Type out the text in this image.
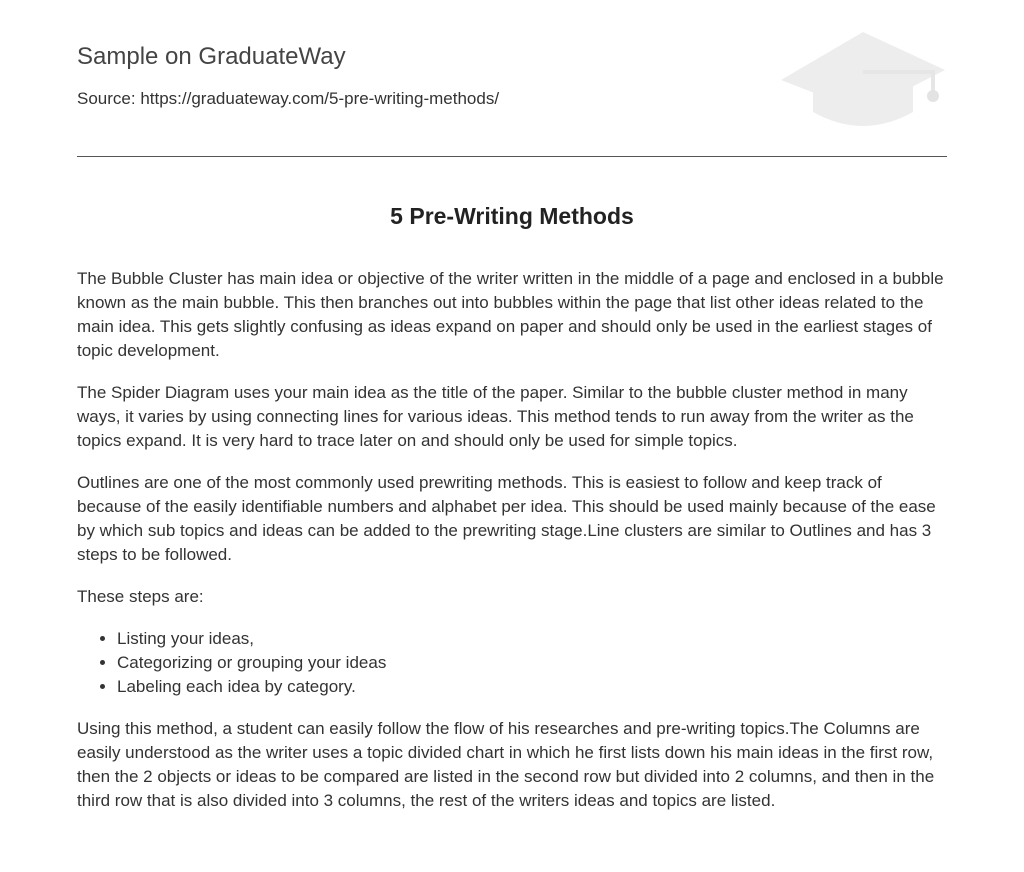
Sample on GraduateWay
Source: https://graduateway.com/5-pre-writing-methods/
5 Pre-Writing Methods

The Bubble Cluster has main idea or objective of the writer written in the middle of a page and enclosed in a bubble known as the main bubble. This then branches out into bubbles within the page that list other ideas related to the main idea. This gets slightly confusing as ideas expand on paper and should only be used in the earliest stages of topic development.

The Spider Diagram uses your main idea as the title of the paper. Similar to the bubble cluster method in many ways, it varies by using connecting lines for various ideas. This method tends to run away from the writer as the topics expand. It is very hard to trace later on and should only be used for simple topics.

Outlines are one of the most commonly used prewriting methods. This is easiest to follow and keep track of because of the easily identifiable numbers and alphabet per idea. This should be used mainly because of the ease by which sub topics and ideas can be added to the prewriting stage.Line clusters are similar to Outlines and has 3 steps to be followed.

These steps are:

• Listing your ideas,
• Categorizing or grouping your ideas
• Labeling each idea by category.

Using this method, a student can easily follow the flow of his researches and pre-writing topics.The Columns are easily understood as the writer uses a topic divided chart in which he first lists down his main ideas in the first row, then the 2 objects or ideas to be compared are listed in the second row but divided into 2 columns, and then in the third row that is also divided into 3 columns, the rest of the writers ideas and topics are listed.
